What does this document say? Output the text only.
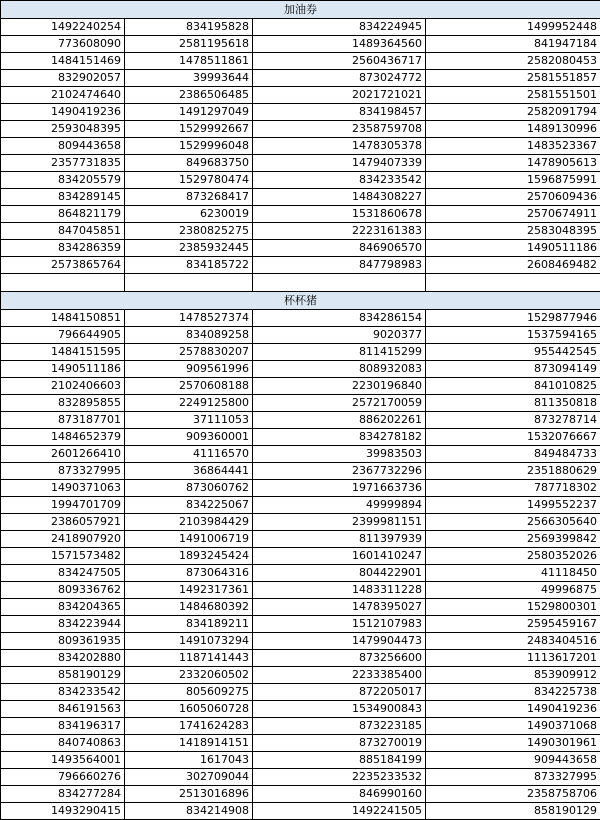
加油券			
1492240254	834195828	834224945	1499952448
773608090	2581195618	1489364560	841947184
1484151469	1478511861	2560436717	2582080453
832902057	39993644	873024772	2581551857
2102474640	2386506485	2021721021	2581551501
1490419236	1491297049	834198457	2582091794
2593048395	1529992667	2358759708	1489130996
809443658	1529996048	1478305378	1483523367
2357731835	849683750	1479407339	1478905613
834205579	1529780474	834233542	1596875991
834289145	873268417	1484308227	2570609436
864821179	6230019	1531860678	2570674911
847045851	2380825275	2223161383	2583048395
834286359	2385932445	846906570	1490511186
2573865764	834185722	847798983	2608469482

杯杯猪			
1484150851	1478527374	834286154	1529877946
796644905	834089258	9020377	1537594165
1484151595	2578830207	811415299	955442545
1490511186	909561996	808932083	873094149
2102406603	2570608188	2230196840	841010825
832895855	2249125800	2572170059	811350818
873187701	37111053	886202261	873278714
1484652379	909360001	834278182	1532076667
2601266410	41116570	39983503	849484733
873327995	36864441	2367732296	2351880629
1490371063	873060762	1971663736	787718302
1994701709	834225067	49999894	1499552237
2386057921	2103984429	2399981151	2566305640
2418907920	1491006719	811397939	2569399842
1571573482	1893245424	1601410247	2580352026
834247505	873064316	804422901	41118450
809336762	1492317361	1483311228	49996875
834204365	1484680392	1478395027	1529800301
834223944	834189211	1512107983	2595459167
809361935	1491073294	1479904473	2483404516
834202880	1187141443	873256600	1113617201
858190129	2332060502	2233385400	853909912
834233542	805609275	872205017	834225738
846191563	1605060728	1534900843	1490419236
834196317	1741624283	873223185	1490371068
840740863	1418914151	873270019	1490301961
1493564001	1617043	885184199	909443658
796660276	302709044	2235233532	873327995
834277284	2513016896	846990160	2358758706
1493290415	834214908	1492241505	858190129
